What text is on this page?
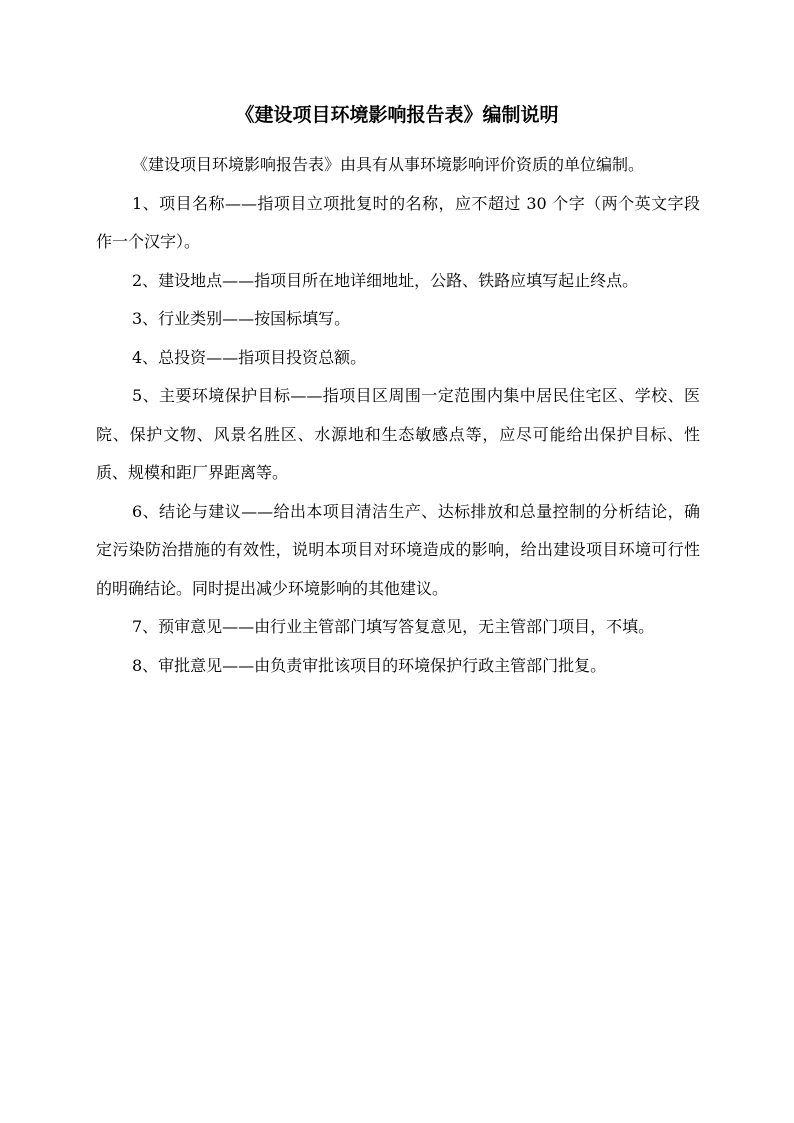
《建设项目环境影响报告表》编制说明

《建设项目环境影响报告表》由具有从事环境影响评价资质的单位编制。

1、项目名称——指项目立项批复时的名称，应不超过 30 个字（两个英文字段作一个汉字）。

2、建设地点——指项目所在地详细地址，公路、铁路应填写起止终点。

3、行业类别——按国标填写。

4、总投资——指项目投资总额。

5、主要环境保护目标——指项目区周围一定范围内集中居民住宅区、学校、医院、保护文物、风景名胜区、水源地和生态敏感点等，应尽可能给出保护目标、性质、规模和距厂界距离等。

6、结论与建议——给出本项目清洁生产、达标排放和总量控制的分析结论，确定污染防治措施的有效性，说明本项目对环境造成的影响，给出建设项目环境可行性的明确结论。同时提出减少环境影响的其他建议。

7、预审意见——由行业主管部门填写答复意见，无主管部门项目，不填。

8、审批意见——由负责审批该项目的环境保护行政主管部门批复。
